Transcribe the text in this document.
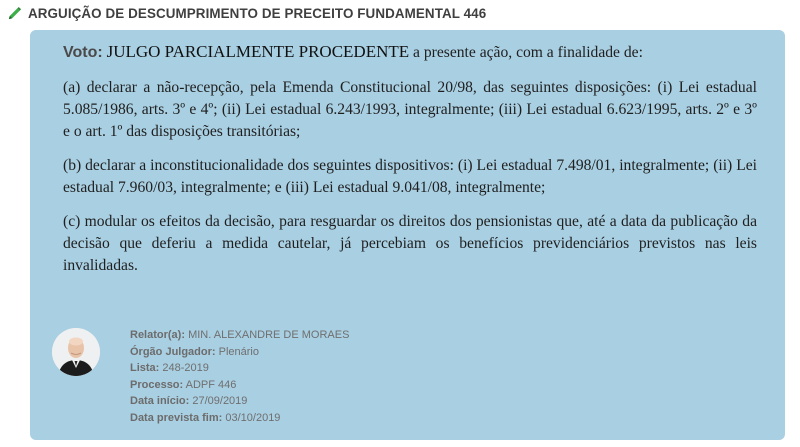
ARGUIÇÃO DE DESCUMPRIMENTO DE PRECEITO FUNDAMENTAL 446
Voto: JULGO PARCIALMENTE PROCEDENTE a presente ação, com a finalidade de:

(a) declarar a não-recepção, pela Emenda Constitucional 20/98, das seguintes disposições: (i) Lei estadual 5.085/1986, arts. 3º e 4º; (ii) Lei estadual 6.243/1993, integralmente; (iii) Lei estadual 6.623/1995, arts. 2º e 3º e o art. 1º das disposições transitórias;

(b) declarar a inconstitucionalidade dos seguintes dispositivos: (i) Lei estadual 7.498/01, integralmente; (ii) Lei estadual 7.960/03, integralmente; e (iii) Lei estadual 9.041/08, integralmente;

(c) modular os efeitos da decisão, para resguardar os direitos dos pensionistas que, até a data da publicação da decisão que deferiu a medida cautelar, já percebiam os benefícios previdenciários previstos nas leis invalidadas.

Relator(a): MIN. ALEXANDRE DE MORAES
Órgão Julgador: Plenário
Lista: 248-2019
Processo: ADPF 446
Data início: 27/09/2019
Data prevista fim: 03/10/2019
